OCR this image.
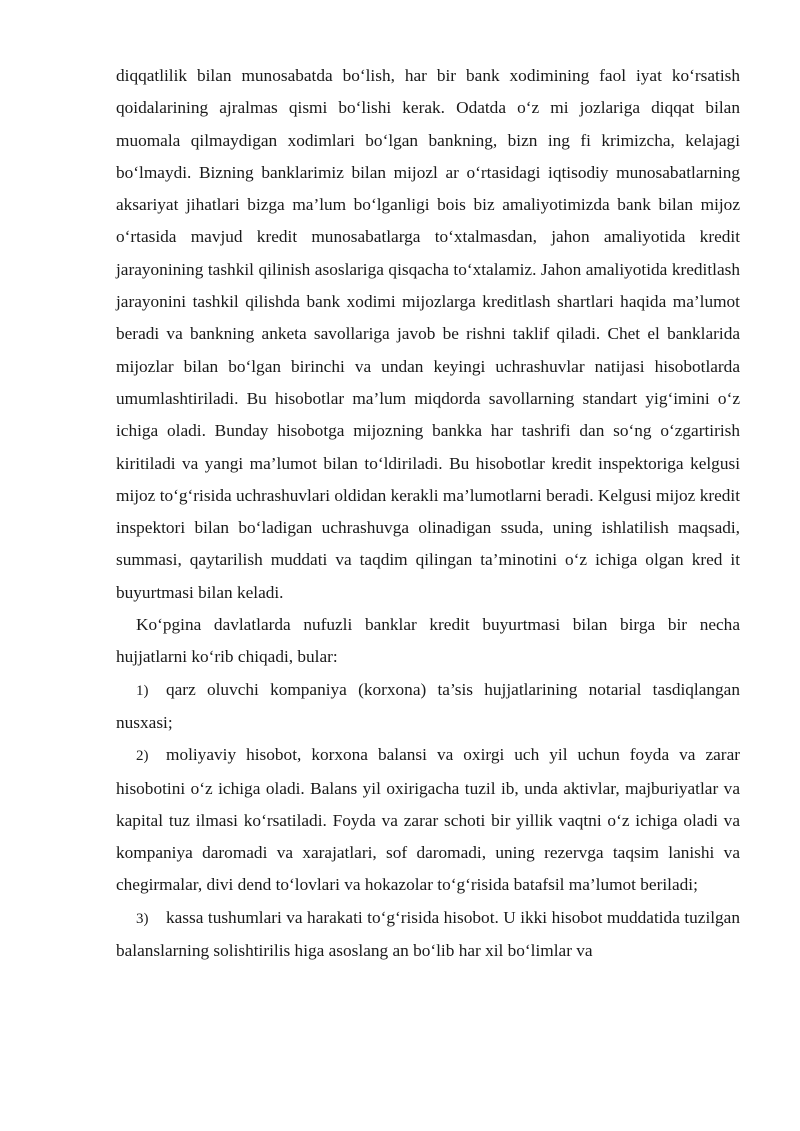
diqqatlilik bilan munosabatda bo‘lish, har bir bank xodimining faol iyat ko‘rsatish qoidalarining ajralmas qismi bo‘lishi kerak. Odatda o‘z mi jozlariga diqqat bilan muomala qilmaydigan xodimlari bo‘lgan bankning, bizn ing fi krimizcha, kelajagi bo‘lmaydi. Bizning banklarimiz bilan mijozl ar o‘rtasidagi iqtisodiy munosabatlarning aksariyat jihatlari bizga ma’lum bo‘lganligi bois biz amaliyotimizda bank bilan mijoz o‘rtasida mavjud kredit munosabatlarga to‘xtalmasdan, jahon amaliyotida kredit jarayonining tashkil qilinish asoslariga qisqacha to‘xtalamiz. Jahon amaliyotida kreditlash jarayonini tashkil qilishda bank xodimi mijozlarga kreditlash shartlari haqida ma’lumot beradi va bankning anketa savollariga javob be rishni taklif qiladi. Chet el banklarida mijozlar bilan bo‘lgan birinchi va undan keyingi uchrashuvlar natijasi hisobotlarda umumlashtiriladi. Bu hisobotlar ma’lum miqdorda savollarning standart yig‘imini o‘z ichiga oladi. Bunday hisobotga mijozning bankka har tashrifi dan so‘ng o‘zgartirish kiritiladi va yangi ma’lumot bilan to‘ldiriladi. Bu hisobotlar kredit inspektoriga kelgusi mijoz to‘g‘risida uchrashuvlari oldidan kerakli ma’lumotlarni beradi. Kelgusi mijoz kredit inspektori bilan bo‘ladigan uchrashuvga olinadigan ssuda, uning ishlatilish maqsadi, summasi, qaytarilish muddati va taqdim qilingan ta’minotini o‘z ichiga olgan kred it buyurtmasi bilan keladi.

Ko‘pgina davlatlarda nufuzli banklar kredit buyurtmasi bilan birga bir necha hujjatlarni ko‘rib chiqadi, bular:

1) qarz oluvchi kompaniya (korxona) ta’sis hujjatlarining notarial tasdiqlangan nusxasi;

2) moliyaviy hisobot, korxona balansi va oxirgi uch yil uchun foyda va zarar hisobotini o‘z ichiga oladi. Balans yil oxirigacha tuzil ib, unda aktivlar, majburiyatlar va kapital tuz ilmasi ko‘rsatiladi. Foyda va zarar schoti bir yillik vaqtni o‘z ichiga oladi va kompaniya daromadi va xarajatlari, sof daromadi, uning rezervga taqsim lanishi va chegirmalar, divi dend to‘lovlari va hokazolar to‘g‘risida batafsil ma’lumot beriladi;

3) kassa tushumlari va harakati to‘g‘risida hisobot. U ikki hisobot muddatida tuzilgan balanslarning solishtirilis higa asoslang an bo‘lib har xil bo‘limlar va
